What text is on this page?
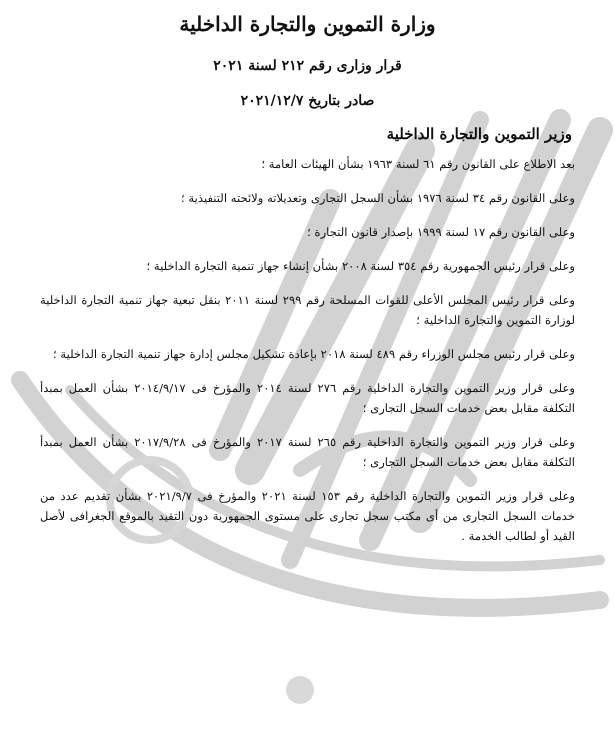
وزارة التموين والتجارة الداخلية
قرار وزارى رقم ٢١٢ لسنة ٢٠٢١
صادر بتاريخ ٢٠٢١/١٢/٧
وزير التموين والتجارة الداخلية
بعد الاطلاع على القانون رقم ٦١ لسنة ١٩٦٣ بشأن الهيئات العامة ؛
وعلى القانون رقم ٣٤ لسنة ١٩٧٦ بشأن السجل التجارى وتعديلاته ولائحته التنفيذية ؛
وعلى القانون رقم ١٧ لسنة ١٩٩٩ بإصدار قانون التجارة ؛
وعلى قرار رئيس الجمهورية رقم ٣٥٤ لسنة ٢٠٠٨ بشأن إنشاء جهاز تنمية التجارة الداخلية ؛
وعلى قرار رئيس المجلس الأعلى للقوات المسلحة رقم ٢٩٩ لسنة ٢٠١١ بنقل تبعية جهاز تنمية التجارة الداخلية لوزارة التموين والتجارة الداخلية ؛
وعلى قرار رئيس مجلس الوزراء رقم ٤٨٩ لسنة ٢٠١٨ بإعادة تشكيل مجلس إدارة جهاز تنمية التجارة الداخلية ؛
وعلى قرار وزير التموين والتجارة الداخلية رقم ٢٧٦ لسنة ٢٠١٤ والمؤرخ فى ٢٠١٤/٩/١٧ بشأن العمل بمبدأ التكلفة مقابل بعض خدمات السجل التجارى ؛
وعلى قرار وزير التموين والتجارة الداخلية رقم ٢٦٥ لسنة ٢٠١٧ والمؤرخ فى ٢٠١٧/٩/٢٨ بشأن العمل بمبدأ التكلفة مقابل بعض خدمات السجل التجارى ؛
وعلى قرار وزير التموين والتجارة الداخلية رقم ١٥٣ لسنة ٢٠٢١ والمؤرخ فى ٢٠٢١/٩/٧ بشأن تقديم عدد من خدمات السجل التجارى من أى مكتب سجل تجارى على مستوى الجمهورية دون التقيد بالموقع الجغرافى لأصل القيد أو لطالب الخدمة .
